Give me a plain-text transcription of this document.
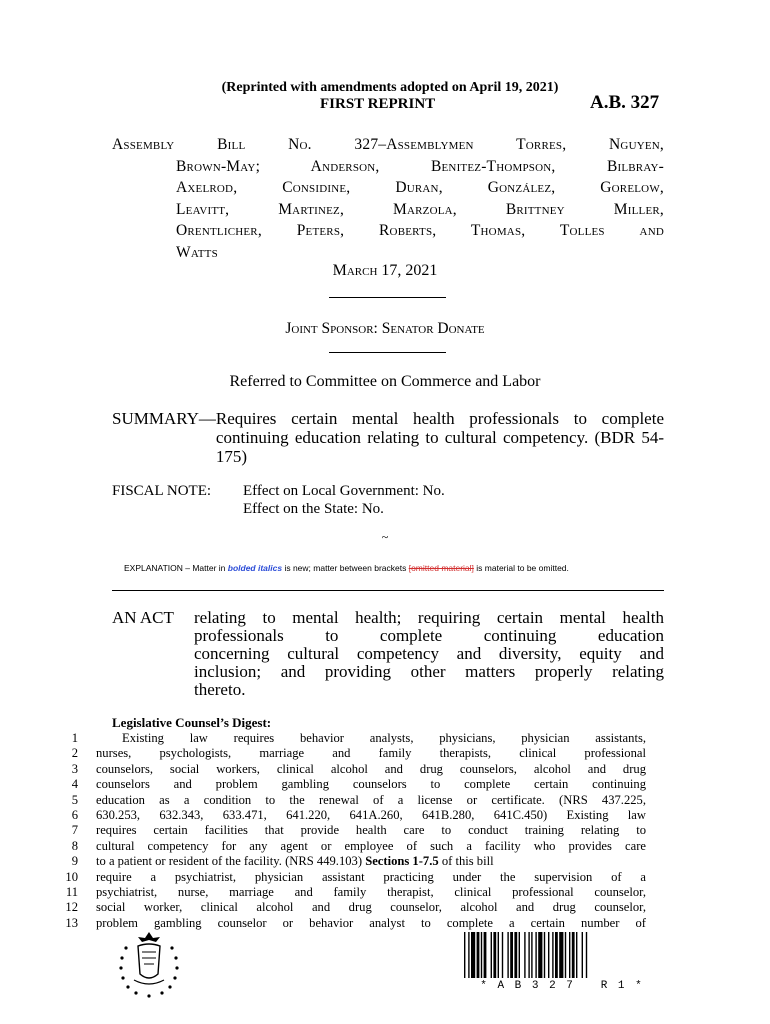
(Reprinted with amendments adopted on April 19, 2021)
FIRST REPRINT	A.B. 327
Assembly Bill No. 327–Assemblymen Torres, Nguyen,
Brown-May; Anderson, Benitez-Thompson, Bilbray-
Axelrod, Considine, Duran, González, Gorelow,
Leavitt, Martinez, Marzola, Brittney Miller,
Orentlicher, Peters, Roberts, Thomas, Tolles and
Watts
March 17, 2021
Joint Sponsor: Senator Donate
Referred to Committee on Commerce and Labor
SUMMARY— Requires certain mental health professionals to complete continuing education relating to cultural competency. (BDR 54-175)
FISCAL NOTE:	Effect on Local Government: No.
Effect on the State: No.
~
EXPLANATION – Matter in bolded italics is new; matter between brackets [omitted material] is material to be omitted.
AN ACT	relating to mental health; requiring certain mental health
professionals to complete continuing education
concerning cultural competency and diversity, equity and
inclusion; and providing other matters properly relating
thereto.
Legislative Counsel’s Digest:
1	Existing law requires behavior analysts, physicians, physician assistants,
2	nurses, psychologists, marriage and family therapists, clinical professional
3	counselors, social workers, clinical alcohol and drug counselors, alcohol and drug
4	counselors and problem gambling counselors to complete certain continuing
5	education as a condition to the renewal of a license or certificate. (NRS 437.225,
6	630.253, 632.343, 633.471, 641.220, 641A.260, 641B.280, 641C.450) Existing law
7	requires certain facilities that provide health care to conduct training relating to
8	cultural competency for any agent or employee of such a facility who provides care
9	to a patient or resident of the facility. (NRS 449.103) Sections 1-7.5 of this bill
10	require a psychiatrist, physician assistant practicing under the supervision of a
11	psychiatrist, nurse, marriage and family therapist, clinical professional counselor,
12	social worker, clinical alcohol and drug counselor, alcohol and drug counselor,
13	problem gambling counselor or behavior analyst to complete a certain number of
* A B 3 2 7   R 1 *
